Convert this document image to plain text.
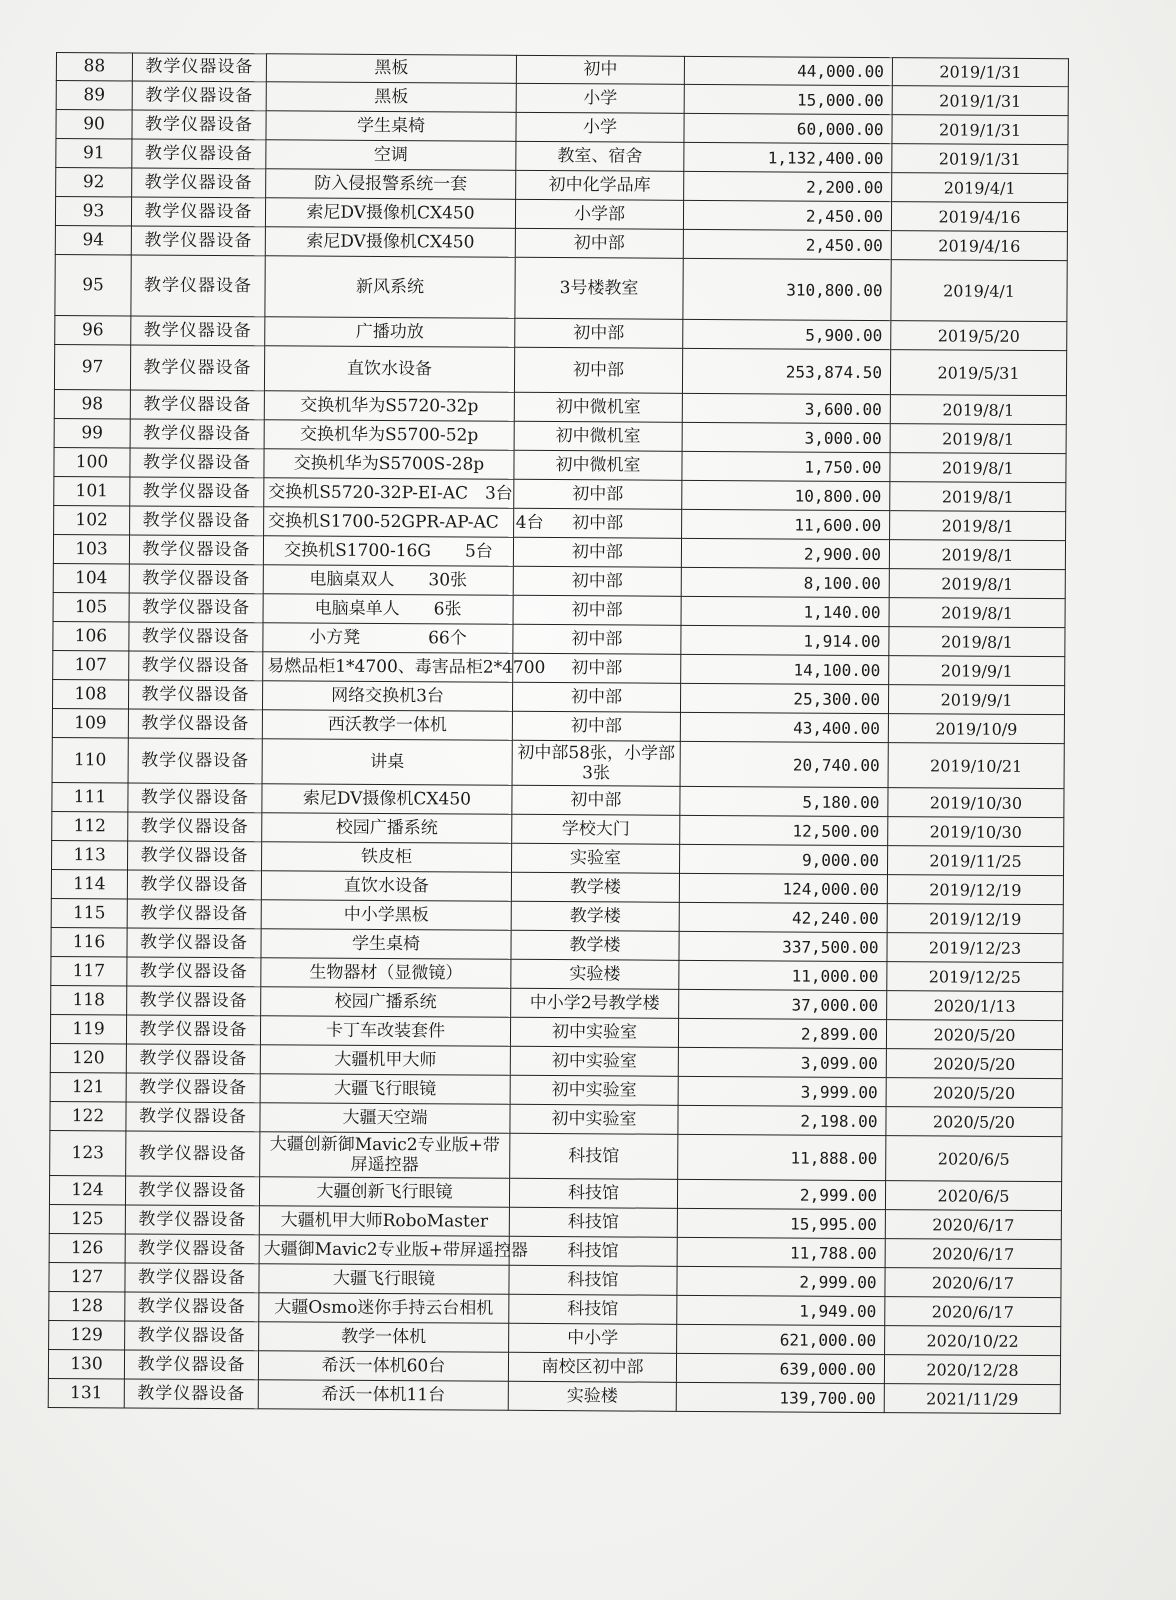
88	教学仪器设备	黑板	初中	44,000.00	2019/1/31
89	教学仪器设备	黑板	小学	15,000.00	2019/1/31
90	教学仪器设备	学生桌椅	小学	60,000.00	2019/1/31
91	教学仪器设备	空调	教室、宿舍	1,132,400.00	2019/1/31
92	教学仪器设备	防入侵报警系统一套	初中化学品库	2,200.00	2019/4/1
93	教学仪器设备	索尼DV摄像机CX450	小学部	2,450.00	2019/4/16
94	教学仪器设备	索尼DV摄像机CX450	初中部	2,450.00	2019/4/16
95	教学仪器设备	新风系统	3号楼教室	310,800.00	2019/4/1
96	教学仪器设备	广播功放	初中部	5,900.00	2019/5/20
97	教学仪器设备	直饮水设备	初中部	253,874.50	2019/5/31
98	教学仪器设备	交换机华为S5720-32p	初中微机室	3,600.00	2019/8/1
99	教学仪器设备	交换机华为S5700-52p	初中微机室	3,000.00	2019/8/1
100	教学仪器设备	交换机华为S5700S-28p	初中微机室	1,750.00	2019/8/1
101	教学仪器设备	交换机S5720-32P-EI-AC　3台	初中部	10,800.00	2019/8/1
102	教学仪器设备	交换机S1700-52GPR-AP-AC　4台	初中部	11,600.00	2019/8/1
103	教学仪器设备	交换机S1700-16G　　5台	初中部	2,900.00	2019/8/1
104	教学仪器设备	电脑桌双人　　30张	初中部	8,100.00	2019/8/1
105	教学仪器设备	电脑桌单人　　6张	初中部	1,140.00	2019/8/1
106	教学仪器设备	小方凳　　　　66个	初中部	1,914.00	2019/8/1
107	教学仪器设备	易燃品柜1*4700、毒害品柜2*4700	初中部	14,100.00	2019/9/1
108	教学仪器设备	网络交换机3台	初中部	25,300.00	2019/9/1
109	教学仪器设备	西沃教学一体机	初中部	43,400.00	2019/10/9
110	教学仪器设备	讲桌	初中部58张，小学部3张	20,740.00	2019/10/21
111	教学仪器设备	索尼DV摄像机CX450	初中部	5,180.00	2019/10/30
112	教学仪器设备	校园广播系统	学校大门	12,500.00	2019/10/30
113	教学仪器设备	铁皮柜	实验室	9,000.00	2019/11/25
114	教学仪器设备	直饮水设备	教学楼	124,000.00	2019/12/19
115	教学仪器设备	中小学黑板	教学楼	42,240.00	2019/12/19
116	教学仪器设备	学生桌椅	教学楼	337,500.00	2019/12/23
117	教学仪器设备	生物器材（显微镜）	实验楼	11,000.00	2019/12/25
118	教学仪器设备	校园广播系统	中小学2号教学楼	37,000.00	2020/1/13
119	教学仪器设备	卡丁车改装套件	初中实验室	2,899.00	2020/5/20
120	教学仪器设备	大疆机甲大师	初中实验室	3,099.00	2020/5/20
121	教学仪器设备	大疆飞行眼镜	初中实验室	3,999.00	2020/5/20
122	教学仪器设备	大疆天空端	初中实验室	2,198.00	2020/5/20
123	教学仪器设备	大疆创新御Mavic2专业版+带屏遥控器	科技馆	11,888.00	2020/6/5
124	教学仪器设备	大疆创新飞行眼镜	科技馆	2,999.00	2020/6/5
125	教学仪器设备	大疆机甲大师RoboMaster	科技馆	15,995.00	2020/6/17
126	教学仪器设备	大疆御Mavic2专业版+带屏遥控器	科技馆	11,788.00	2020/6/17
127	教学仪器设备	大疆飞行眼镜	科技馆	2,999.00	2020/6/17
128	教学仪器设备	大疆Osmo迷你手持云台相机	科技馆	1,949.00	2020/6/17
129	教学仪器设备	教学一体机	中小学	621,000.00	2020/10/22
130	教学仪器设备	希沃一体机60台	南校区初中部	639,000.00	2020/12/28
131	教学仪器设备	希沃一体机11台	实验楼	139,700.00	2021/11/29
